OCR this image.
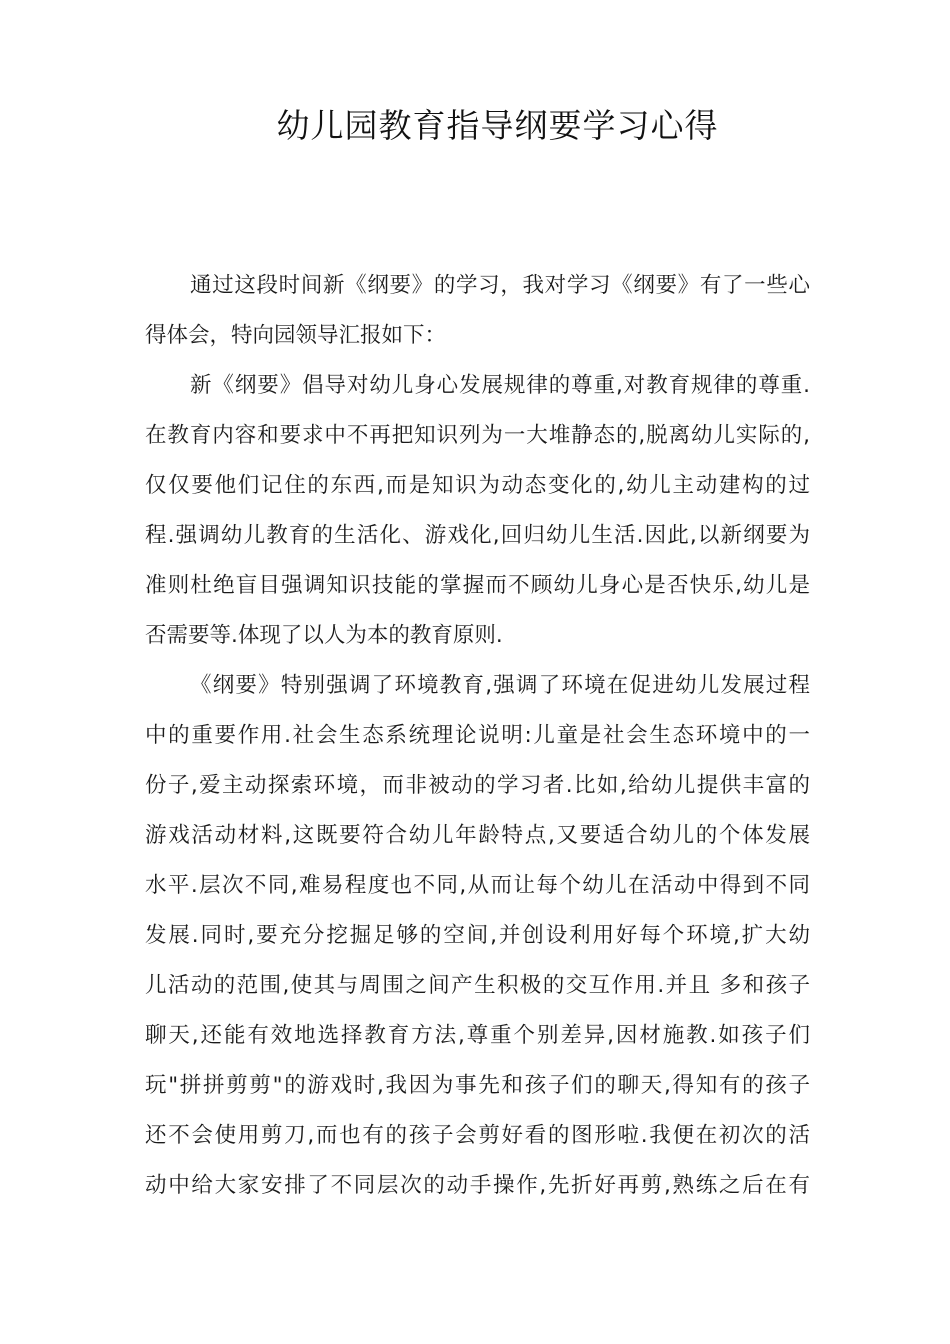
幼儿园教育指导纲要学习心得
通过这段时间新《纲要》的学习，我对学习《纲要》有了一些心
得体会，特向园领导汇报如下：
新《纲要》倡导对幼儿身心发展规律的尊重,对教育规律的尊重.
在教育内容和要求中不再把知识列为一大堆静态的,脱离幼儿实际的,
仅仅要他们记住的东西,而是知识为动态变化的,幼儿主动建构的过
程.强调幼儿教育的生活化、游戏化,回归幼儿生活.因此,以新纲要为
准则杜绝盲目强调知识技能的掌握而不顾幼儿身心是否快乐,幼儿是
否需要等.体现了以人为本的教育原则.
《纲要》特别强调了环境教育,强调了环境在促进幼儿发展过程
中的重要作用.社会生态系统理论说明:儿童是社会生态环境中的一
份子,爱主动探索环境，而非被动的学习者.比如,给幼儿提供丰富的
游戏活动材料,这既要符合幼儿年龄特点,又要适合幼儿的个体发展
水平.层次不同,难易程度也不同,从而让每个幼儿在活动中得到不同
发展.同时,要充分挖掘足够的空间,并创设利用好每个环境,扩大幼
儿活动的范围,使其与周围之间产生积极的交互作用.并且 多和孩子
聊天,还能有效地选择教育方法,尊重个别差异,因材施教.如孩子们
玩"拼拼剪剪"的游戏时,我因为事先和孩子们的聊天,得知有的孩子
还不会使用剪刀,而也有的孩子会剪好看的图形啦.我便在初次的活
动中给大家安排了不同层次的动手操作,先折好再剪,熟练之后在有
